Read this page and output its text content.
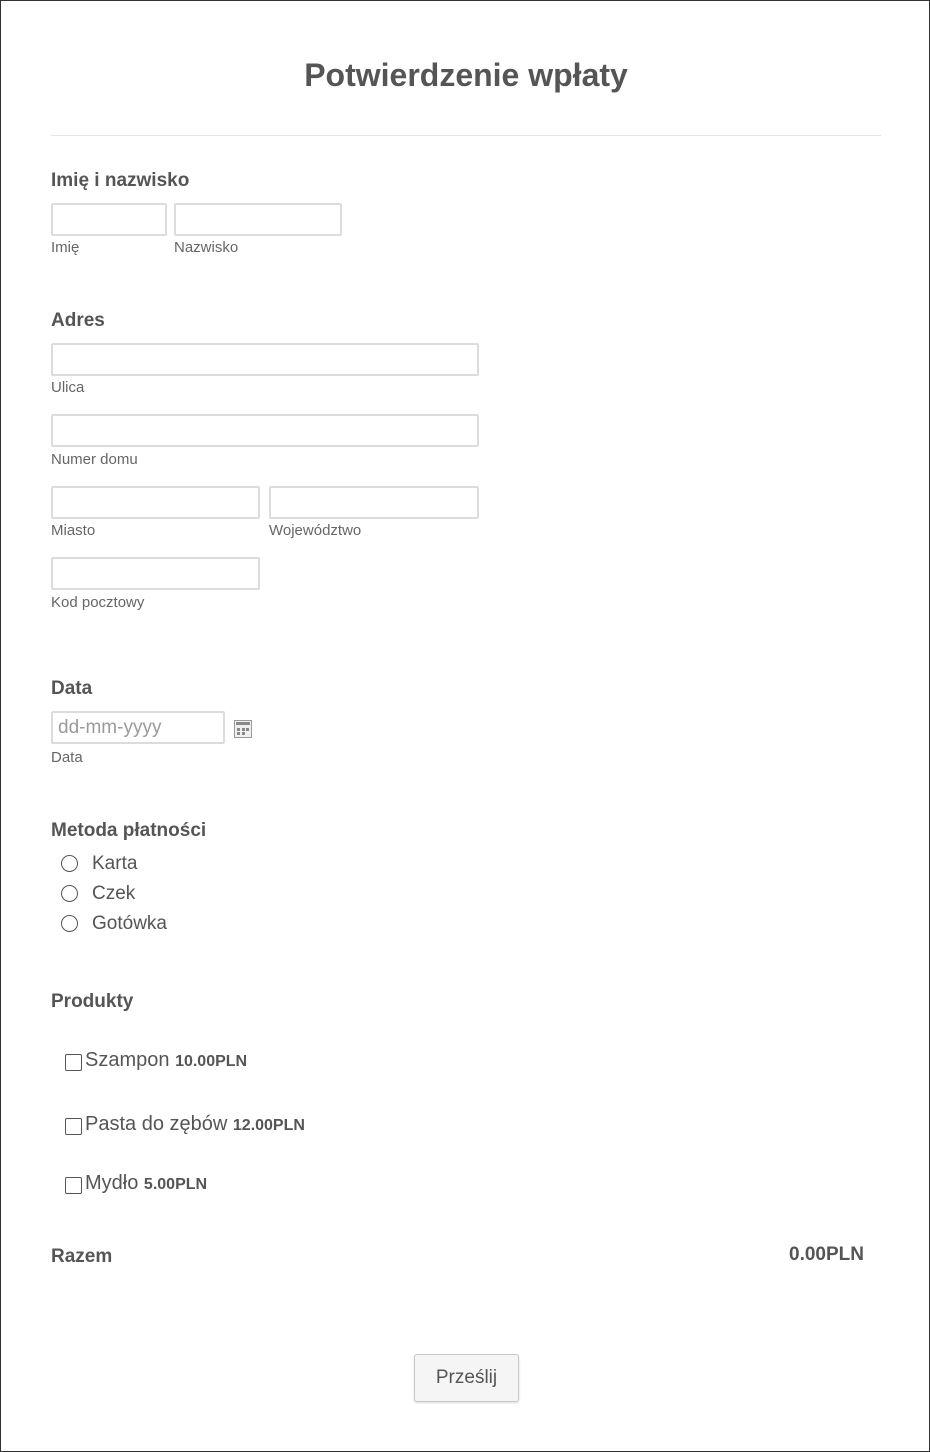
Potwierdzenie wpłaty
Imię i nazwisko
Imię	Nazwisko
Adres
Ulica
Numer domu
Miasto	Województwo
Kod pocztowy
Data
dd-mm-yyyy
Data
Metoda płatności
Karta
Czek
Gotówka
Produkty
Szampon 10.00PLN
Pasta do zębów 12.00PLN
Mydło 5.00PLN
Razem	0.00PLN
Prześlij
